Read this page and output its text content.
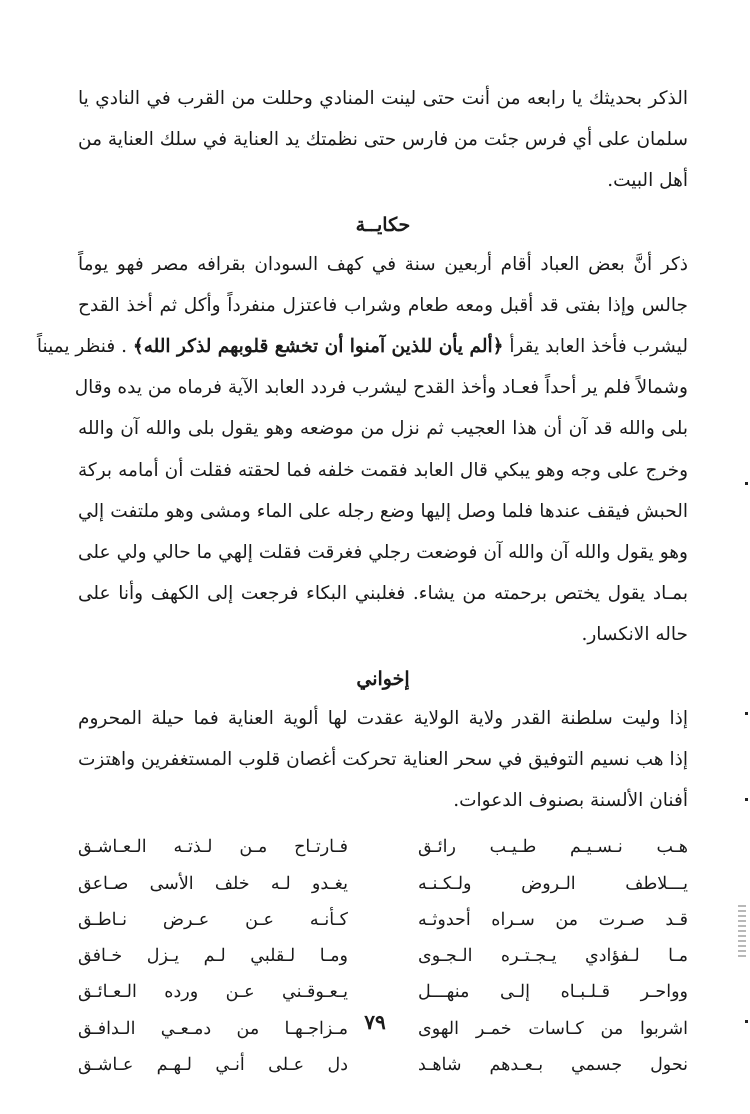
الذكر بحديثك يا رابعه من أنت حتى لينت المنادي وحللت من القرب في النادي يا
سلمان على أي فرس جئت من فارس حتى نظمتك يد العناية في سلك العناية من
أهل البيت.
حكايــة
ذكر أنَّ بعض العباد أقام أربعين سنة في كهف السودان بقرافه مصر فهو يوماً
جالس وإذا بفتى قد أقبل ومعه طعام وشراب فاعتزل منفرداً وأكل ثم أخذ القدح
ليشرب فأخذ العابد يقرأ ﴿ألم يأن للذين آمنوا أن تخشع قلوبهم لذكر الله﴾ . فنظر يميناً
وشمالاً فلم ير أحداً فعـاد وأخذ القدح ليشرب فردد العابد الآية فرماه من يده وقال
بلى والله قد آن أن هذا العجيب ثم نزل من موضعه وهو يقول بلى والله آن والله
وخرج على وجه وهو يبكي قال العابد فقمت خلفه فما لحقته فقلت أن أمامه بركة
الحبش فيقف عندها فلما وصل إليها وضع رجله على الماء ومشى وهو ملتفت إلي
وهو يقول والله آن والله آن فوضعت رجلي فغرقت فقلت إلهي ما حالي ولي على
بمـاد يقول يختص برحمته من يشاء. فغلبني البكاء فرجعت إلى الكهف وأنا على
حاله الانكسار.
إخواني
إذا وليت سلطنة القدر ولاية الولاية عقدت لها ألوية العناية فما حيلة المحروم
إذا هب نسيم التوفيق في سحر العناية تحركت أغصان قلوب المستغفرين واهتزت
أفنان الألسنة بصنوف الدعوات.
هـب نـسـيـم طـيـب رائـق
يـــلاطف الـروض ولـكـنـه
قـد صـرت من سـراه أحدوثـه
مـا لـفؤادي يـجـتـره الـجـوى
وواحـر قـلـبـاه إلـى منهـــل
اشربوا من كـاسات خمـر الهوى
نحول جسمي بـعـدهم شاهـد
فـارتـاح مـن لـذتـه الـعـاشـق
يغـدو لـه خلف الأسى صـاعق
كـأنـه عـن عـرض نـاطـق
ومـا لـقلبي لـم يـزل خـافق
يـعـوقـني عـن ورده الـعـائـق
مـزاجـهـا من دمـعـي الـدافـق
دل عـلى أنـي لـهـم عـاشـق
٧٩
